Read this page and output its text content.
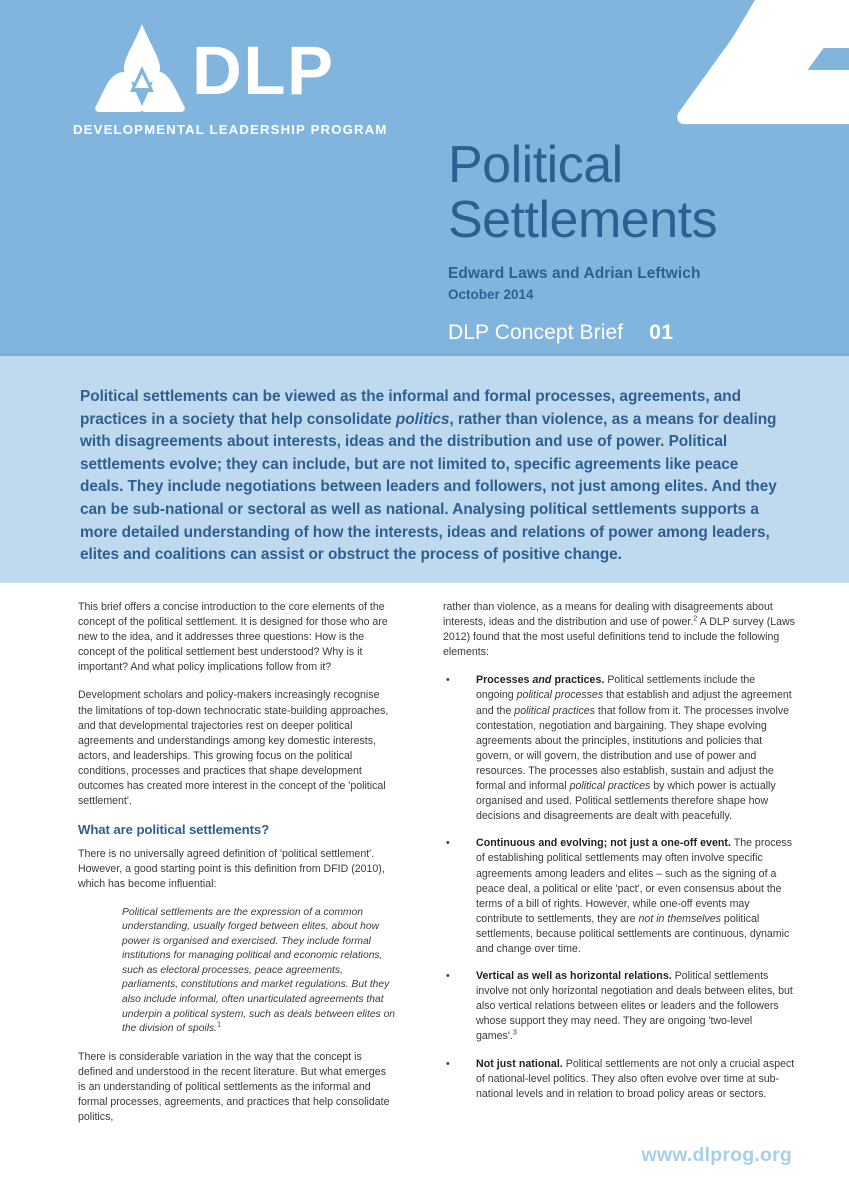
DLP
DEVELOPMENTAL LEADERSHIP PROGRAM
Political
Settlements
Edward Laws and Adrian Leftwich
October 2014
DLP Concept Brief 01
Political settlements can be viewed as the informal and formal processes, agreements, and practices in a society that help consolidate politics, rather than violence, as a means for dealing with disagreements about interests, ideas and the distribution and use of power. Political settlements evolve; they can include, but are not limited to, specific agreements like peace deals. They include negotiations between leaders and followers, not just among elites. And they can be sub-national or sectoral as well as national. Analysing political settlements supports a more detailed understanding of how the interests, ideas and relations of power among leaders, elites and coalitions can assist or obstruct the process of positive change.

This brief offers a concise introduction to the core elements of the concept of the political settlement. It is designed for those who are new to the idea, and it addresses three questions: How is the concept of the political settlement best understood? Why is it important? And what policy implications follow from it?

Development scholars and policy-makers increasingly recognise the limitations of top-down technocratic state-building approaches, and that developmental trajectories rest on deeper political agreements and understandings among key domestic interests, actors, and leaderships. This growing focus on the political conditions, processes and practices that shape development outcomes has created more interest in the concept of the 'political settlement'.

What are political settlements?

There is no universally agreed definition of 'political settlement'. However, a good starting point is this definition from DFID (2010), which has become influential:

Political settlements are the expression of a common understanding, usually forged between elites, about how power is organised and exercised. They include formal institutions for managing political and economic relations, such as electoral processes, peace agreements, parliaments, constitutions and market regulations. But they also include informal, often unarticulated agreements that underpin a political system, such as deals between elites on the division of spoils.$^1$

There is considerable variation in the way that the concept is defined and understood in the recent literature. But what emerges is an understanding of political settlements as the informal and formal processes, agreements, and practices that help consolidate politics,

rather than violence, as a means for dealing with disagreements about interests, ideas and the distribution and use of power.$^2$ A DLP survey (Laws 2012) found that the most useful definitions tend to include the following elements:

• Processes and practices. Political settlements include the ongoing political processes that establish and adjust the agreement and the political practices that follow from it. The processes involve contestation, negotiation and bargaining. They shape evolving agreements about the principles, institutions and policies that govern, or will govern, the distribution and use of power and resources. The processes also establish, sustain and adjust the formal and informal political practices by which power is actually organised and used. Political settlements therefore shape how decisions and disagreements are dealt with peacefully.
• Continuous and evolving; not just a one-off event. The process of establishing political settlements may often involve specific agreements among leaders and elites – such as the signing of a peace deal, a political or elite 'pact', or even consensus about the terms of a bill of rights. However, while one-off events may contribute to settlements, they are not in themselves political settlements, because political settlements are continuous, dynamic and change over time.
• Vertical as well as horizontal relations. Political settlements involve not only horizontal negotiation and deals between elites, but also vertical relations between elites or leaders and the followers whose support they may need. They are ongoing 'two-level games'.$^3$
• Not just national. Political settlements are not only a crucial aspect of national-level politics. They also often evolve over time at sub-national levels and in relation to broad policy areas or sectors.
www.dlprog.org
